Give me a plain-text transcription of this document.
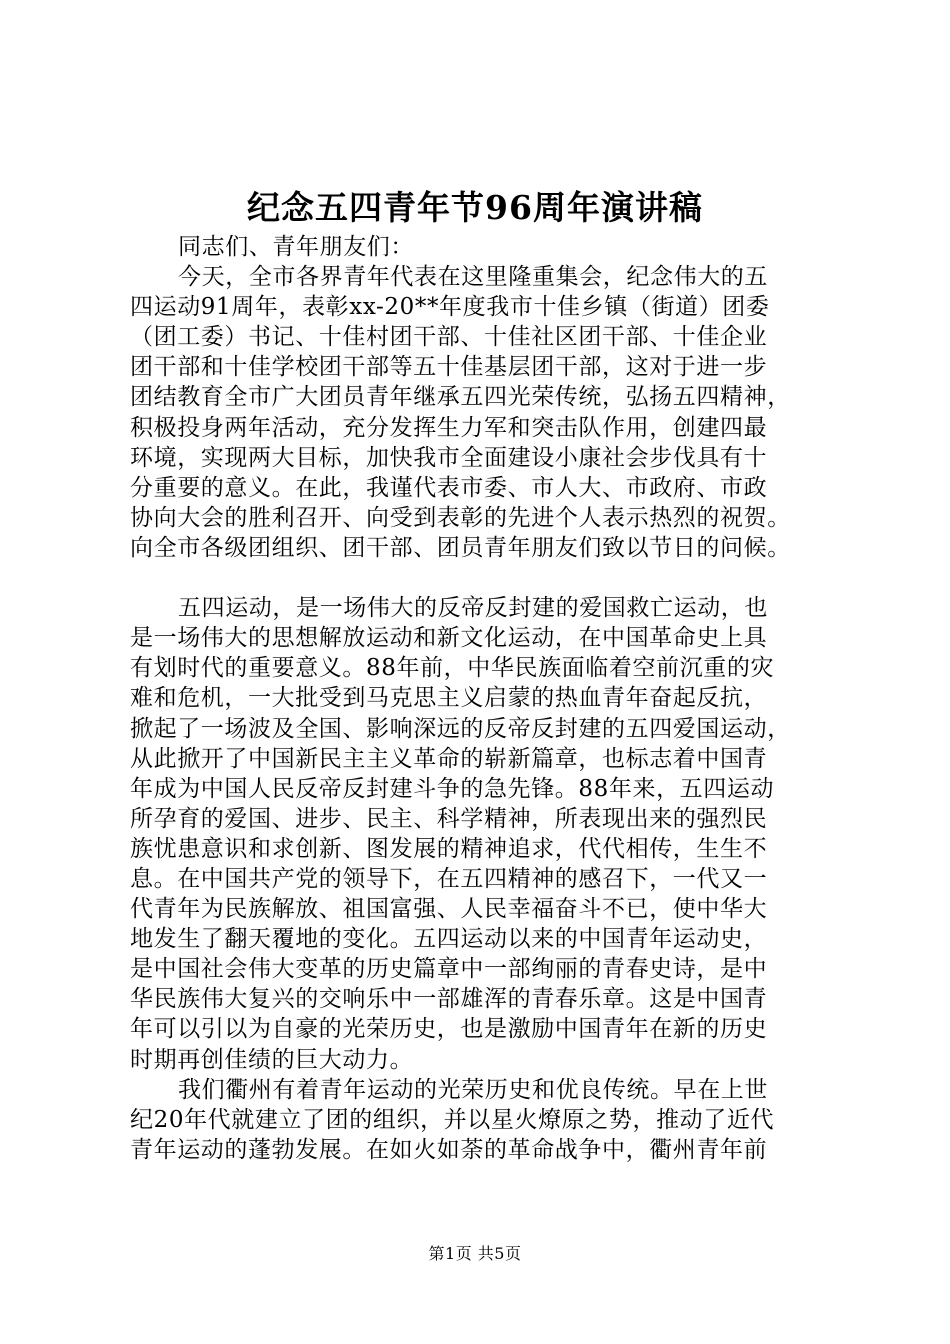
纪念五四青年节96周年演讲稿
同志们、青年朋友们：
今天，全市各界青年代表在这里隆重集会，纪念伟大的五
四运动91周年，表彰xx-20**年度我市十佳乡镇（街道）团委
（团工委）书记、十佳村团干部、十佳社区团干部、十佳企业
团干部和十佳学校团干部等五十佳基层团干部，这对于进一步
团结教育全市广大团员青年继承五四光荣传统，弘扬五四精神，
积极投身两年活动，充分发挥生力军和突击队作用，创建四最
环境，实现两大目标，加快我市全面建设小康社会步伐具有十
分重要的意义。在此，我谨代表市委、市人大、市政府、市政
协向大会的胜利召开、向受到表彰的先进个人表示热烈的祝贺。
向全市各级团组织、团干部、团员青年朋友们致以节日的问候。
五四运动，是一场伟大的反帝反封建的爱国救亡运动，也
是一场伟大的思想解放运动和新文化运动，在中国革命史上具
有划时代的重要意义。88年前，中华民族面临着空前沉重的灾
难和危机，一大批受到马克思主义启蒙的热血青年奋起反抗，
掀起了一场波及全国、影响深远的反帝反封建的五四爱国运动，
从此掀开了中国新民主主义革命的崭新篇章，也标志着中国青
年成为中国人民反帝反封建斗争的急先锋。88年来，五四运动
所孕育的爱国、进步、民主、科学精神，所表现出来的强烈民
族忧患意识和求创新、图发展的精神追求，代代相传，生生不
息。在中国共产党的领导下，在五四精神的感召下，一代又一
代青年为民族解放、祖国富强、人民幸福奋斗不已，使中华大
地发生了翻天覆地的变化。五四运动以来的中国青年运动史，
是中国社会伟大变革的历史篇章中一部绚丽的青春史诗，是中
华民族伟大复兴的交响乐中一部雄浑的青春乐章。这是中国青
年可以引以为自豪的光荣历史，也是激励中国青年在新的历史
时期再创佳绩的巨大动力。
我们衢州有着青年运动的光荣历史和优良传统。早在上世
纪20年代就建立了团的组织，并以星火燎原之势，推动了近代
青年运动的蓬勃发展。在如火如荼的革命战争中，衢州青年前
第1页 共5页
